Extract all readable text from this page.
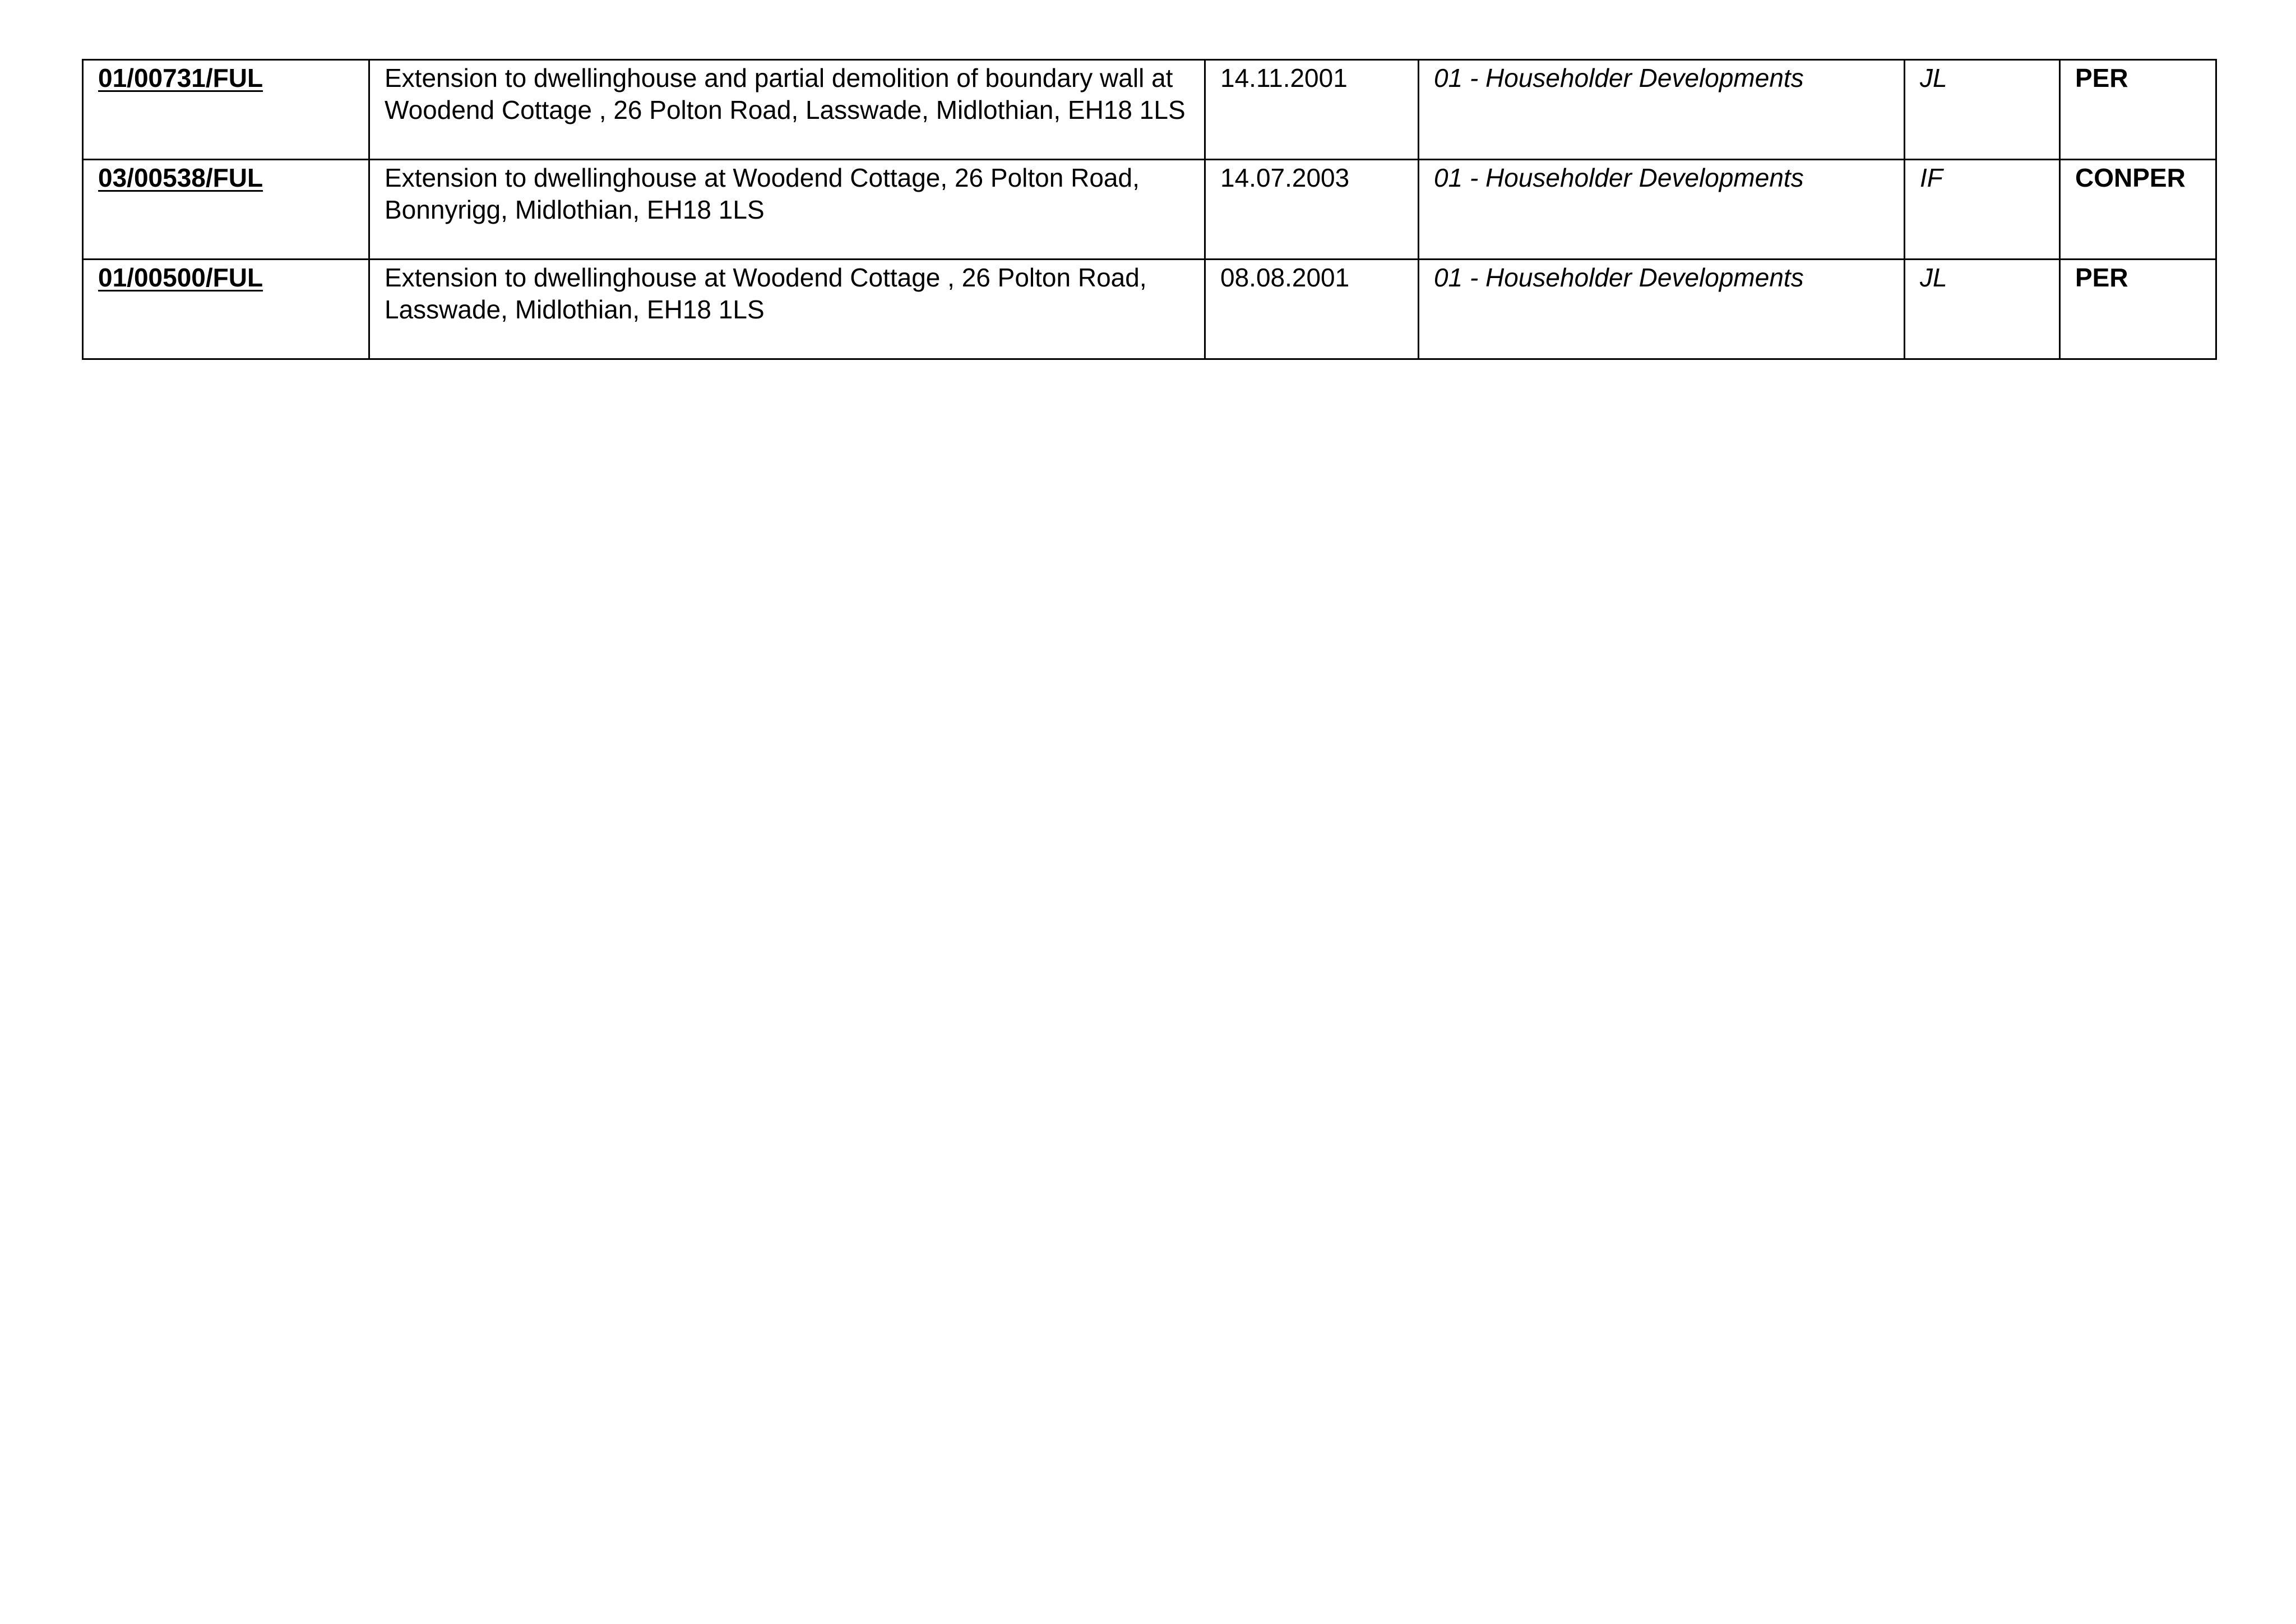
01/00731/FUL	Extension to dwellinghouse and partial demolition of boundary wall at Woodend Cottage , 26 Polton Road, Lasswade, Midlothian, EH18 1LS	14.11.2001	01 - Householder Developments	JL	PER
03/00538/FUL	Extension to dwellinghouse at Woodend Cottage, 26 Polton Road, Bonnyrigg, Midlothian, EH18 1LS	14.07.2003	01 - Householder Developments	IF	CONPER
01/00500/FUL	Extension to dwellinghouse at Woodend Cottage , 26 Polton Road, Lasswade, Midlothian, EH18 1LS	08.08.2001	01 - Householder Developments	JL	PER
